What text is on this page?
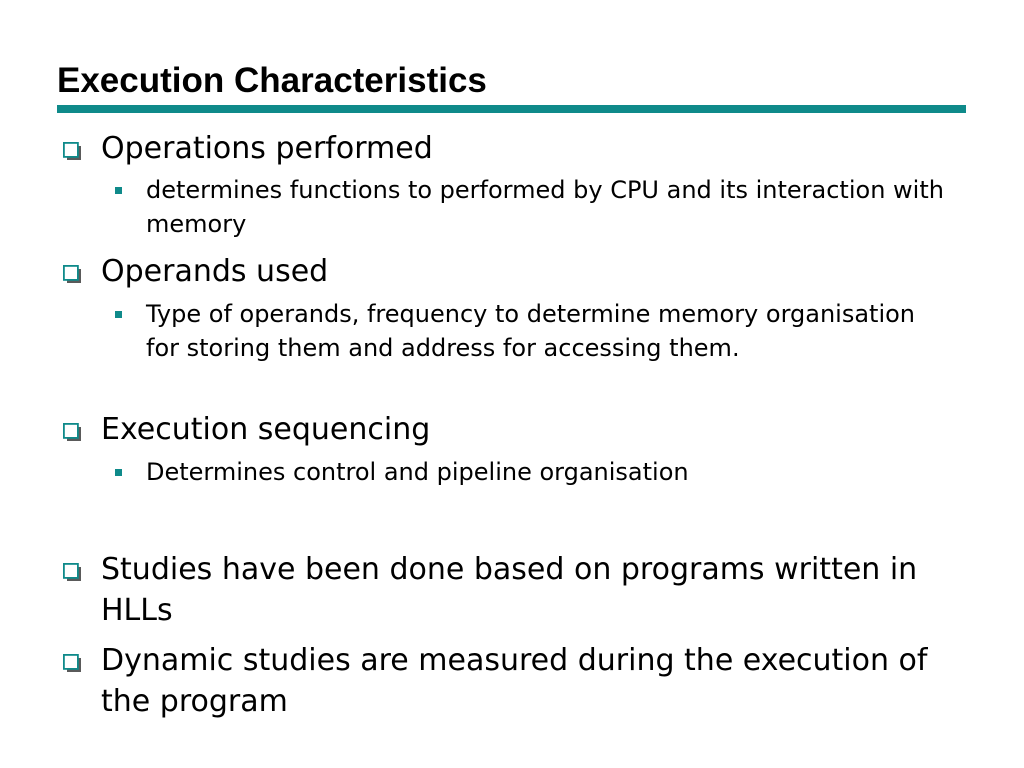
Execution Characteristics
Operations performed
determines functions to performed by CPU and its interaction with memory
Operands used
Type of operands, frequency to determine memory organisation for storing them and address for accessing them.
Execution sequencing
Determines control and pipeline organisation
Studies have been done based on programs written in HLLs
Dynamic studies are measured during the execution of the program
